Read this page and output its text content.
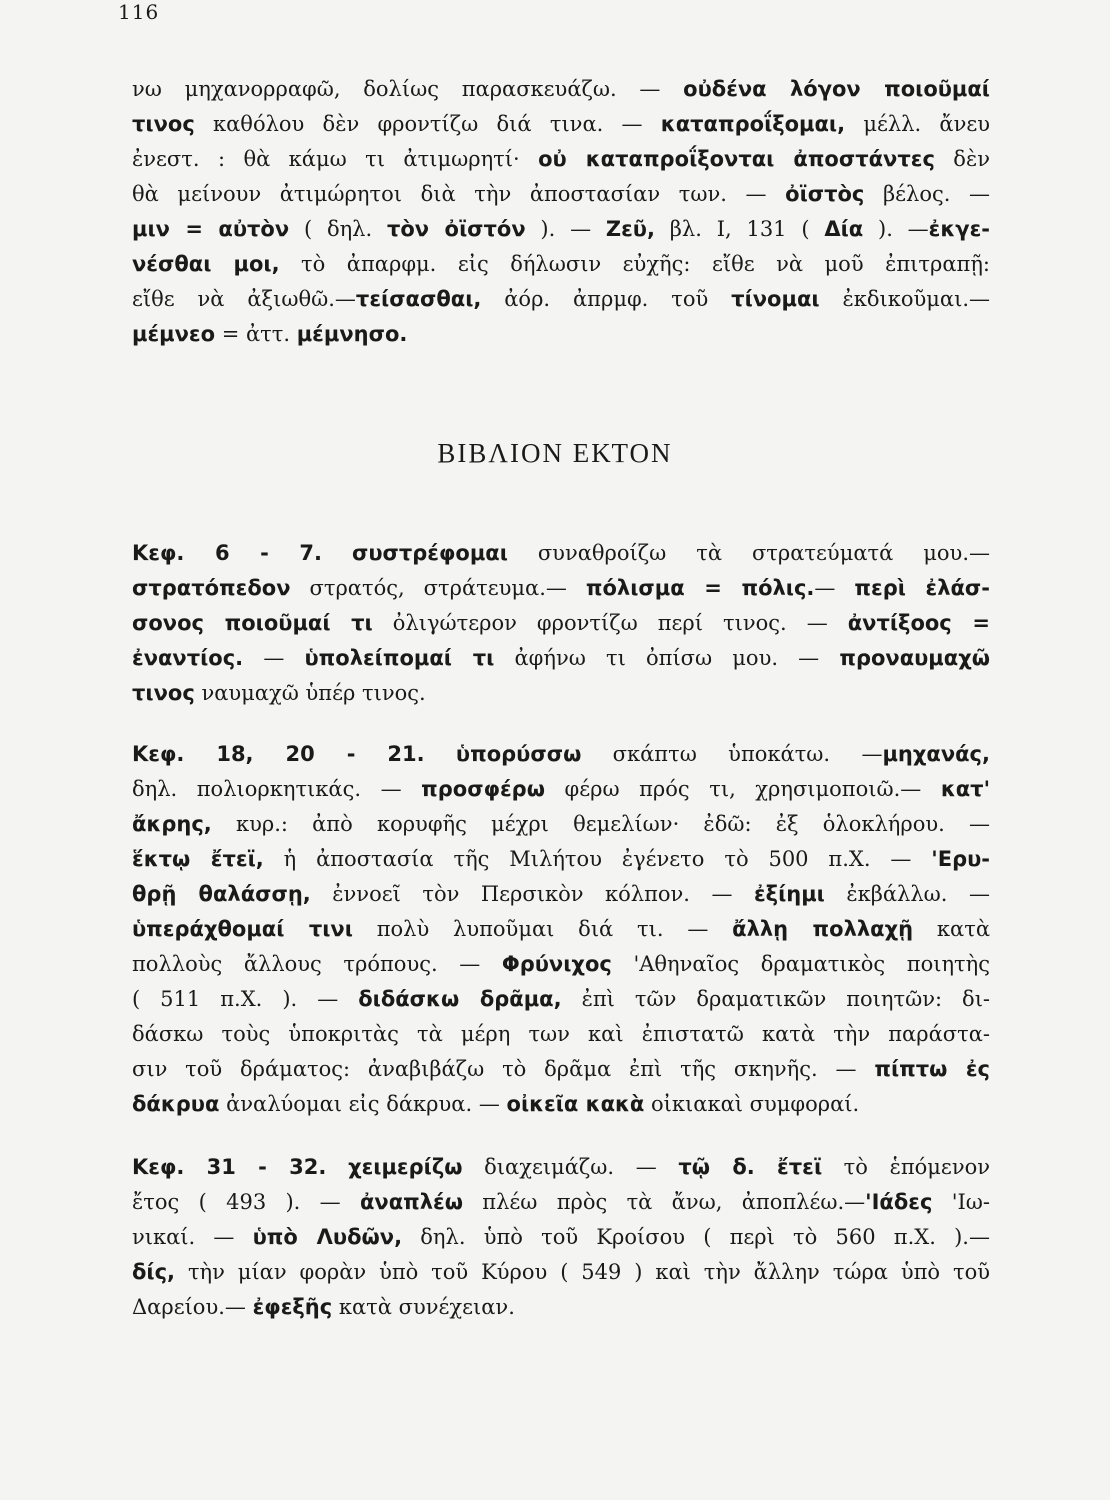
116
νω μηχανορραφῶ, δολίως παρασκευάζω. — οὐδένα λόγον ποιοῦμαί
τινος καθόλου δὲν φροντίζω διά τινα. — καταπροΐξομαι, μέλλ. ἄνευ
ἐνεστ. : θὰ κάμω τι ἀτιμωρητί· οὐ καταπροΐξονται ἀποστάντες δὲν
θὰ μείνουν ἀτιμώρητοι διὰ τὴν ἀποστασίαν των. — ὀϊστὸς βέλος. —
μιν = αὐτὸν ( δηλ. τὸν ὀϊστόν ). — Ζεῦ, βλ. Ι, 131 ( Δία ). —ἐκγε-
νέσθαι μοι, τὸ ἀπαρφμ. εἰς δήλωσιν εὐχῆς: εἴθε νὰ μοῦ ἐπιτραπῇ:
εἴθε νὰ ἀξιωθῶ.—τείσασθαι, ἀόρ. ἀπρμφ. τοῦ τίνομαι ἐκδικοῦμαι.—
μέμνεο = ἀττ. μέμνησο.
ΒΙΒΛΙΟΝ ΕΚΤΟΝ
Κεφ. 6 - 7. συστρέφομαι συναθροίζω τὰ στρατεύματά μου.—
στρατόπεδον στρατός, στράτευμα.— πόλισμα = πόλις.— περὶ ἐλάσ-
σονος ποιοῦμαί τι ὀλιγώτερον φροντίζω περί τινος. — ἀντίξοος =
ἐναντίος. — ὑπολείπομαί τι ἀφήνω τι ὀπίσω μου. — προναυμαχῶ
τινος ναυμαχῶ ὑπέρ τινος.
Κεφ. 18, 20 - 21. ὑπορύσσω σκάπτω ὑποκάτω. —μηχανάς,
δηλ. πολιορκητικάς. — προσφέρω φέρω πρός τι, χρησιμοποιῶ.— κατ'
ἄκρης, κυρ.: ἀπὸ κορυφῆς μέχρι θεμελίων· ἐδῶ: ἐξ ὁλοκλήρου. —
ἕκτῳ ἔτεϊ, ἡ ἀποστασία τῆς Μιλήτου ἐγένετο τὸ 500 π.Χ. — 'Ερυ-
θρῇ θαλάσσῃ, ἐννοεῖ τὸν Περσικὸν κόλπον. — ἐξίημι ἐκβάλλω. —
ὑπεράχθομαί τινι πολὺ λυποῦμαι διά τι. — ἄλλῃ πολλαχῇ κατὰ
πολλοὺς ἄλλους τρόπους. — Φρύνιχος 'Αθηναῖος δραματικὸς ποιητὴς
( 511 π.Χ. ). — διδάσκω δρᾶμα, ἐπὶ τῶν δραματικῶν ποιητῶν: δι-
δάσκω τοὺς ὑποκριτὰς τὰ μέρη των καὶ ἐπιστατῶ κατὰ τὴν παράστα-
σιν τοῦ δράματος: ἀναβιβάζω τὸ δρᾶμα ἐπὶ τῆς σκηνῆς. — πίπτω ἐς
δάκρυα ἀναλύομαι εἰς δάκρυα. — οἰκεῖα κακὰ οἰκιακαὶ συμφοραί.
Κεφ. 31 - 32. χειμερίζω διαχειμάζω. — τῷ δ. ἔτεϊ τὸ ἑπόμενον
ἔτος ( 493 ). — ἀναπλέω πλέω πρὸς τὰ ἄνω, ἀποπλέω.—'Ιάδες 'Ιω-
νικαί. — ὑπὸ Λυδῶν, δηλ. ὑπὸ τοῦ Κροίσου ( περὶ τὸ 560 π.Χ. ).—
δίς, τὴν μίαν φορὰν ὑπὸ τοῦ Κύρου ( 549 ) καὶ τὴν ἄλλην τώρα ὑπὸ τοῦ
Δαρείου.— ἐφεξῆς κατὰ συνέχειαν.
